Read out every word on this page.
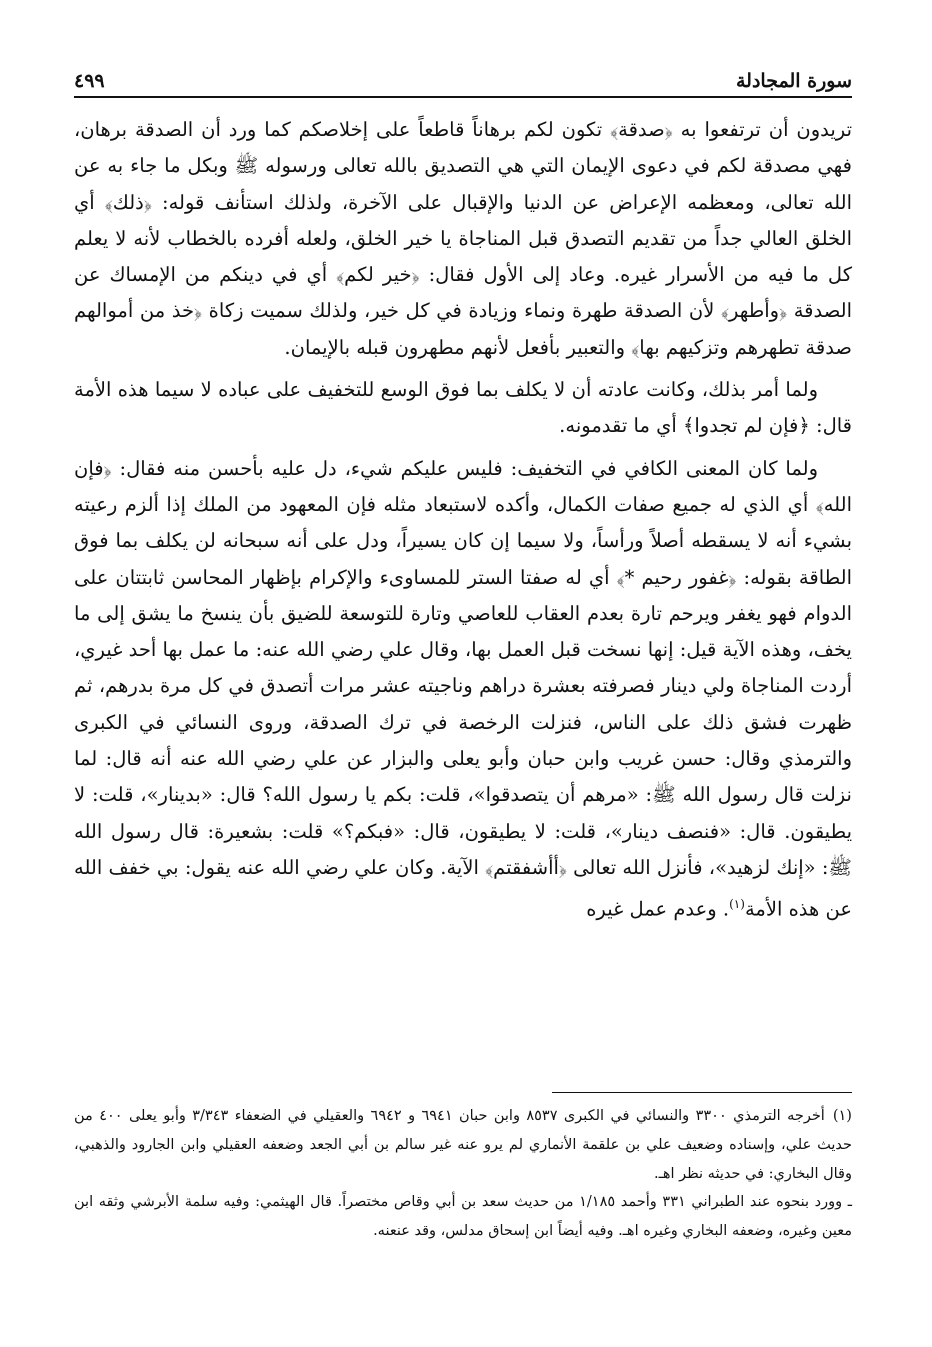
سورة المجادلة
٤٩٩

تريدون أن ترتفعوا به ﴿صدقة﴾ تكون لكم برهاناً قاطعاً على إخلاصكم كما ورد أن الصدقة برهان، فهي مصدقة لكم في دعوى الإيمان التي هي التصديق بالله تعالى ورسوله ﷺ وبكل ما جاء به عن الله تعالى، ومعظمه الإعراض عن الدنيا والإقبال على الآخرة، ولذلك استأنف قوله: ﴿ذلك﴾ أي الخلق العالي جداً من تقديم التصدق قبل المناجاة يا خير الخلق، ولعله أفرده بالخطاب لأنه لا يعلم كل ما فيه من الأسرار غيره. وعاد إلى الأول فقال: ﴿خير لكم﴾ أي في دينكم من الإمساك عن الصدقة ﴿وأطهر﴾ لأن الصدقة طهرة ونماء وزيادة في كل خير، ولذلك سميت زكاة ﴿خذ من أموالهم صدقة تطهرهم وتزكيهم بها﴾ والتعبير بأفعل لأنهم مطهرون قبله بالإيمان.

ولما أمر بذلك، وكانت عادته أن لا يكلف بما فوق الوسع للتخفيف على عباده لا سيما هذه الأمة قال: ﴿فإن لم تجدوا﴾ أي ما تقدمونه.

ولما كان المعنى الكافي في التخفيف: فليس عليكم شيء، دل عليه بأحسن منه فقال: ﴿فإن الله﴾ أي الذي له جميع صفات الكمال، وأكده لاستبعاد مثله فإن المعهود من الملك إذا ألزم رعيته بشيء أنه لا يسقطه أصلاً ورأساً، ولا سيما إن كان يسيراً، ودل على أنه سبحانه لن يكلف بما فوق الطاقة بقوله: ﴿غفور رحيم *﴾ أي له صفتا الستر للمساوىء والإكرام بإظهار المحاسن ثابتتان على الدوام فهو يغفر ويرحم تارة بعدم العقاب للعاصي وتارة للتوسعة للضيق بأن ينسخ ما يشق إلى ما يخف، وهذه الآية قيل: إنها نسخت قبل العمل بها، وقال علي رضي الله عنه: ما عمل بها أحد غيري، أردت المناجاة ولي دينار فصرفته بعشرة دراهم وناجيته عشر مرات أتصدق في كل مرة بدرهم، ثم ظهرت فشق ذلك على الناس، فنزلت الرخصة في ترك الصدقة، وروى النسائي في الكبرى والترمذي وقال: حسن غريب وابن حبان وأبو يعلى والبزار عن علي رضي الله عنه أنه قال: لما نزلت قال رسول الله ﷺ: «مرهم أن يتصدقوا»، قلت: بكم يا رسول الله؟ قال: «بدينار»، قلت: لا يطيقون. قال: «فنصف دينار»، قلت: لا يطيقون، قال: «فبكم؟» قلت: بشعيرة: قال رسول الله ﷺ: «إنك لزهيد»، فأنزل الله تعالى ﴿أأشفقتم﴾ الآية. وكان علي رضي الله عنه يقول: بي خفف الله عن هذه الأمة$^{(١)}$. وعدم عمل غيره

(١)أخرجه الترمذي ٣٣٠٠ والنسائي في الكبرى ٨٥٣٧ وابن حبان ٦٩٤١ و ٦٩٤٢ والعقيلي في الضعفاء ٣/٣٤٣ وأبو يعلى ٤٠٠ من حديث علي، وإسناده وضعيف علي بن علقمة الأنماري لم يرو عنه غير سالم بن أبي الجعد وضعفه العقيلي وابن الجارود والذهبي، وقال البخاري: في حديثه نظر اهـ.

ـ وورد بنحوه عند الطبراني ٣٣١ وأحمد ١/١٨٥ من حديث سعد بن أبي وقاص مختصراً. قال الهيثمي: وفيه سلمة الأبرشي وثقه ابن معين وغيره، وضعفه البخاري وغيره اهـ. وفيه أيضاً ابن إسحاق مدلس، وقد عنعنه.
